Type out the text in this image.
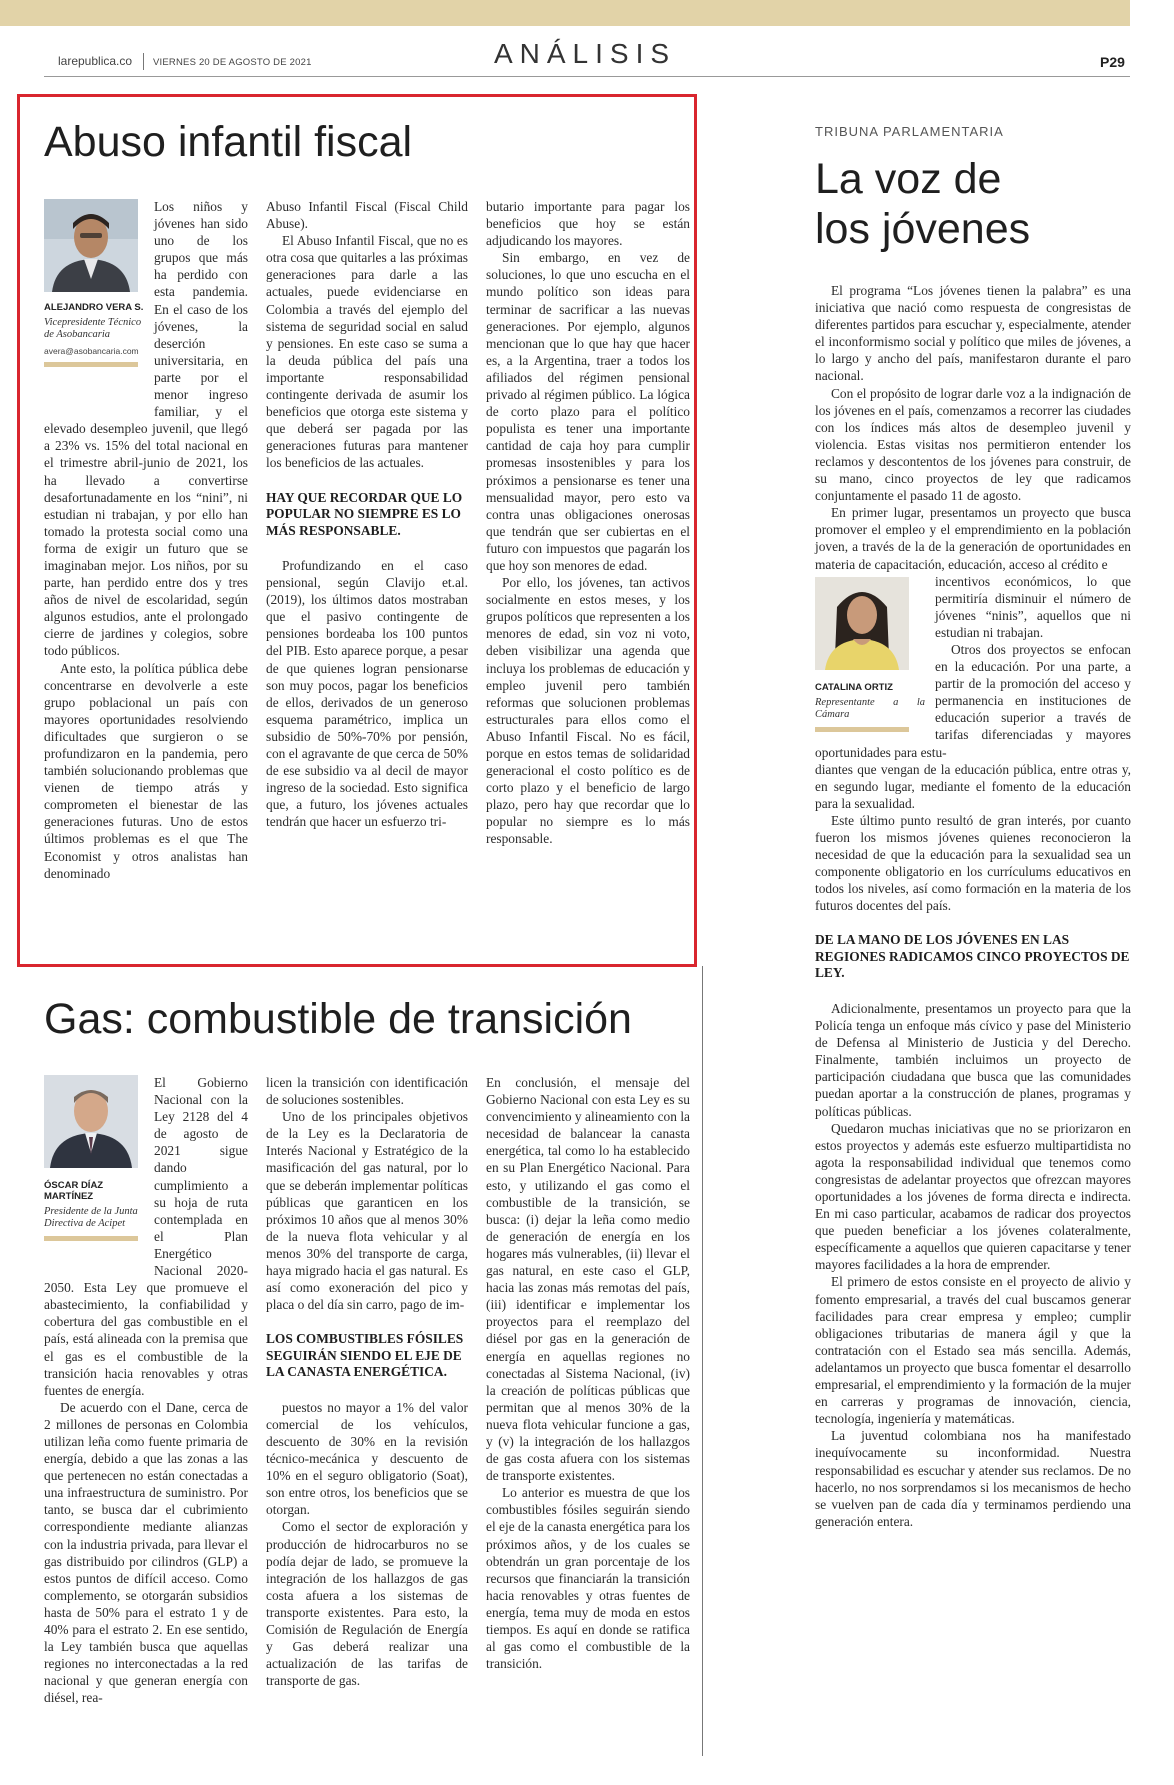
larepublica.co VIERNES 20 DE AGOSTO DE 2021	ANÁLISIS	P29
Abuso infantil fiscal
ALEJANDRO VERA S.
Vicepresidente Técnico de Asobancaria
avera@asobancaria.com

Los niños y jóvenes han sido uno de los grupos que más ha perdido con esta pandemia. En el caso de los jóvenes, la deserción universitaria, en parte por el menor ingreso familiar, y el elevado desempleo juvenil, que llegó a 23% vs. 15% del total nacional en el trimestre abril-junio de 2021, los ha llevado a convertirse desafortunadamente en los “nini”, ni estudian ni trabajan, y por ello han tomado la protesta social como una forma de exigir un futuro que se imaginaban mejor. Los niños, por su parte, han perdido entre dos y tres años de nivel de escolaridad, según algunos estudios, ante el prolongado cierre de jardines y colegios, sobre todo públicos.

Ante esto, la política pública debe concentrarse en devolverle a este grupo poblacional un país con mayores oportunidades resolviendo dificultades que surgieron o se profundizaron en la pandemia, pero también solucionando problemas que vienen de tiempo atrás y comprometen el bienestar de las generaciones futuras. Uno de estos últimos problemas es el que The Economist y otros analistas han denominado

Abuso Infantil Fiscal (Fiscal Child Abuse).

El Abuso Infantil Fiscal, que no es otra cosa que quitarles a las próximas generaciones para darle a las actuales, puede evidenciarse en Colombia a través del ejemplo del sistema de seguridad social en salud y pensiones. En este caso se suma a la deuda pública del país una importante responsabilidad contingente derivada de asumir los beneficios que otorga este sistema y que deberá ser pagada por las generaciones futuras para mantener los beneficios de las actuales.

HAY QUE RECORDAR QUE LO POPULAR NO SIEMPRE ES LO MÁS RESPONSABLE.

Profundizando en el caso pensional, según Clavijo et.al. (2019), los últimos datos mostraban que el pasivo contingente de pensiones bordeaba los 100 puntos del PIB. Esto aparece porque, a pesar de que quienes logran pensionarse son muy pocos, pagar los beneficios de ellos, derivados de un generoso esquema paramétrico, implica un subsidio de 50%-70% por pensión, con el agravante de que cerca de 50% de ese subsidio va al decil de mayor ingreso de la sociedad. Esto significa que, a futuro, los jóvenes actuales tendrán que hacer un esfuerzo tri-

butario importante para pagar los beneficios que hoy se están adjudicando los mayores.

Sin embargo, en vez de soluciones, lo que uno escucha en el mundo político son ideas para terminar de sacrificar a las nuevas generaciones. Por ejemplo, algunos mencionan que lo que hay que hacer es, a la Argentina, traer a todos los afiliados del régimen pensional privado al régimen público. La lógica de corto plazo para el político populista es tener una importante cantidad de caja hoy para cumplir promesas insostenibles y para los próximos a pensionarse es tener una mensualidad mayor, pero esto va contra unas obligaciones onerosas que tendrán que ser cubiertas en el futuro con impuestos que pagarán los que hoy son menores de edad.

Por ello, los jóvenes, tan activos socialmente en estos meses, y los grupos políticos que representen a los menores de edad, sin voz ni voto, deben visibilizar una agenda que incluya los problemas de educación y empleo juvenil pero también reformas que solucionen problemas estructurales para ellos como el Abuso Infantil Fiscal. No es fácil, porque en estos temas de solidaridad generacional el costo político es de corto plazo y el beneficio de largo plazo, pero hay que recordar que lo popular no siempre es lo más responsable.

Gas: combustible de transición
ÓSCAR DÍAZ MARTÍNEZ
Presidente de la Junta Directiva de Acipet

El Gobierno Nacional con la Ley 2128 del 4 de agosto de 2021 sigue dando cumplimiento a su hoja de ruta contemplada en el Plan Energético Nacional 2020-2050. Esta Ley que promueve el abastecimiento, la confiabilidad y cobertura del gas combustible en el país, está alineada con la premisa que el gas es el combustible de la transición hacia renovables y otras fuentes de energía.

De acuerdo con el Dane, cerca de 2 millones de personas en Colombia utilizan leña como fuente primaria de energía, debido a que las zonas a las que pertenecen no están conectadas a una infraestructura de suministro. Por tanto, se busca dar el cubrimiento correspondiente mediante alianzas con la industria privada, para llevar el gas distribuido por cilindros (GLP) a estos puntos de difícil acceso. Como complemento, se otorgarán subsidios hasta de 50% para el estrato 1 y de 40% para el estrato 2. En ese sentido, la Ley también busca que aquellas regiones no interconectadas a la red nacional y que generan energía con diésel, rea-

licen la transición con identificación de soluciones sostenibles.

Uno de los principales objetivos de la Ley es la Declaratoria de Interés Nacional y Estratégico de la masificación del gas natural, por lo que se deberán implementar políticas públicas que garanticen en los próximos 10 años que al menos 30% de la nueva flota vehicular y al menos 30% del transporte de carga, haya migrado hacia el gas natural. Es así como exoneración del pico y placa o del día sin carro, pago de im-

LOS COMBUSTIBLES FÓSILES SEGUIRÁN SIENDO EL EJE DE LA CANASTA ENERGÉTICA.

puestos no mayor a 1% del valor comercial de los vehículos, descuento de 30% en la revisión técnico-mecánica y descuento de 10% en el seguro obligatorio (Soat), son entre otros, los beneficios que se otorgan.

Como el sector de exploración y producción de hidrocarburos no se podía dejar de lado, se promueve la integración de los hallazgos de gas costa afuera a los sistemas de transporte existentes. Para esto, la Comisión de Regulación de Energía y Gas deberá realizar una actualización de las tarifas de transporte de gas.

En conclusión, el mensaje del Gobierno Nacional con esta Ley es su convencimiento y alineamiento con la necesidad de balancear la canasta energética, tal como lo ha establecido en su Plan Energético Nacional. Para esto, y utilizando el gas como el combustible de la transición, se busca: (i) dejar la leña como medio de generación de energía en los hogares más vulnerables, (ii) llevar el gas natural, en este caso el GLP, hacia las zonas más remotas del país, (iii) identificar e implementar los proyectos para el reemplazo del diésel por gas en la generación de energía en aquellas regiones no conectadas al Sistema Nacional, (iv) la creación de políticas públicas que permitan que al menos 30% de la nueva flota vehicular funcione a gas, y (v) la integración de los hallazgos de gas costa afuera con los sistemas de transporte existentes.

Lo anterior es muestra de que los combustibles fósiles seguirán siendo el eje de la canasta energética para los próximos años, y de los cuales se obtendrán un gran porcentaje de los recursos que financiarán la transición hacia renovables y otras fuentes de energía, tema muy de moda en estos tiempos. Es aquí en donde se ratifica al gas como el combustible de la transición.

TRIBUNA PARLAMENTARIA
La voz de
los jóvenes

El programa “Los jóvenes tienen la palabra” es una iniciativa que nació como respuesta de congresistas de diferentes partidos para escuchar y, especialmente, atender el inconformismo social y político que miles de jóvenes, a lo largo y ancho del país, manifestaron durante el paro nacional.

Con el propósito de lograr darle voz a la indignación de los jóvenes en el país, comenzamos a recorrer las ciudades con los índices más altos de desempleo juvenil y violencia. Estas visitas nos permitieron entender los reclamos y descontentos de los jóvenes para construir, de su mano, cinco proyectos de ley que radicamos conjuntamente el pasado 11 de agosto.

En primer lugar, presentamos un proyecto que busca promover el empleo y el emprendimiento en la población joven, a través de la de la generación de oportunidades en materia de capacitación, educación, acceso al crédito e

CATALINA ORTIZ
Representante a la Cámara

incentivos económicos, lo que permitiría disminuir el número de jóvenes “ninis”, aquellos que ni estudian ni trabajan.

Otros dos proyectos se enfocan en la educación. Por una parte, a partir de la promoción del acceso y permanencia en instituciones de educación superior a través de tarifas diferenciadas y mayores oportunidades para estu-

diantes que vengan de la educación pública, entre otras y, en segundo lugar, mediante el fomento de la educación para la sexualidad.

Este último punto resultó de gran interés, por cuanto fueron los mismos jóvenes quienes reconocieron la necesidad de que la educación para la sexualidad sea un componente obligatorio en los currículums educativos en todos los niveles, así como formación en la materia de los futuros docentes del país.

DE LA MANO DE LOS JÓVENES EN LAS REGIONES RADICAMOS CINCO PROYECTOS DE LEY.

Adicionalmente, presentamos un proyecto para que la Policía tenga un enfoque más cívico y pase del Ministerio de Defensa al Ministerio de Justicia y del Derecho. Finalmente, también incluimos un proyecto de participación ciudadana que busca que las comunidades puedan aportar a la construcción de planes, programas y políticas públicas.

Quedaron muchas iniciativas que no se priorizaron en estos proyectos y además este esfuerzo multipartidista no agota la responsabilidad individual que tenemos como congresistas de adelantar proyectos que ofrezcan mayores oportunidades a los jóvenes de forma directa e indirecta. En mi caso particular, acabamos de radicar dos proyectos que pueden beneficiar a los jóvenes colateralmente, específicamente a aquellos que quieren capacitarse y tener mayores facilidades a la hora de emprender.

El primero de estos consiste en el proyecto de alivio y fomento empresarial, a través del cual buscamos generar facilidades para crear empresa y empleo; cumplir obligaciones tributarias de manera ágil y que la contratación con el Estado sea más sencilla. Además, adelantamos un proyecto que busca fomentar el desarrollo empresarial, el emprendimiento y la formación de la mujer en carreras y programas de innovación, ciencia, tecnología, ingeniería y matemáticas.

La juventud colombiana nos ha manifestado inequívocamente su inconformidad. Nuestra responsabilidad es escuchar y atender sus reclamos. De no hacerlo, no nos sorprendamos si los mecanismos de hecho se vuelven pan de cada día y terminamos perdiendo una generación entera.
